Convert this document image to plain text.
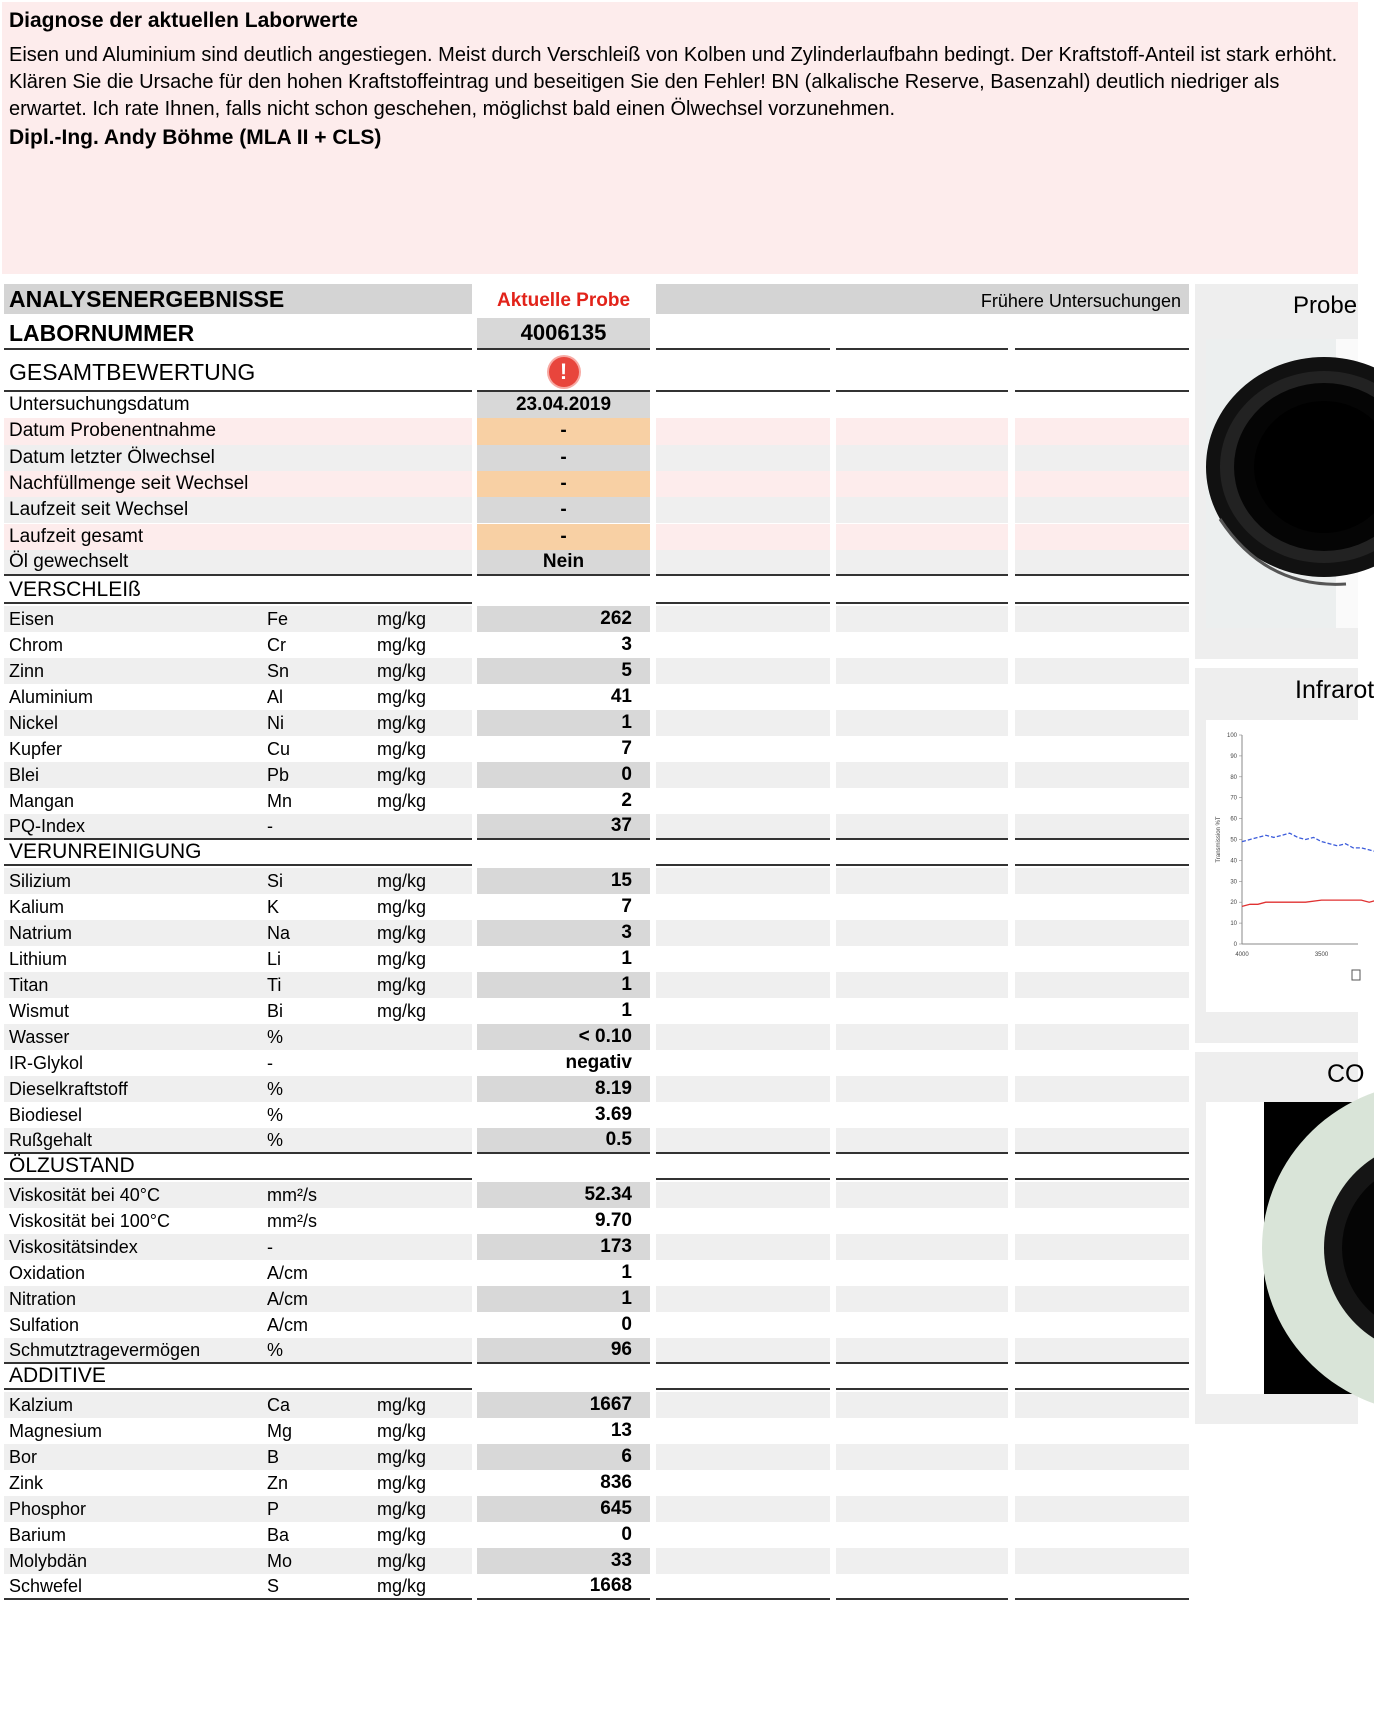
Diagnose der aktuellen Laborwerte
Eisen und Aluminium sind deutlich angestiegen. Meist durch Verschleiß von Kolben und Zylinderlaufbahn bedingt. Der Kraftstoff-Anteil ist stark erhöht. Klären Sie die Ursache für den hohen Kraftstoffeintrag und beseitigen Sie den Fehler! BN (alkalische Reserve, Basenzahl) deutlich niedriger als erwartet. Ich rate Ihnen, falls nicht schon geschehen, möglichst bald einen Ölwechsel vorzunehmen.
Dipl.-Ing. Andy Böhme (MLA II + CLS)
ANALYSENERGEBNISSE	Aktuelle Probe	Frühere Untersuchungen
LABORNUMMER	4006135
GESAMTBEWERTUNG	!
Untersuchungsdatum	23.04.2019
Datum Probenentnahme	-
Datum letzter Ölwechsel	-
Nachfüllmenge seit Wechsel	-
Laufzeit seit Wechsel	-
Laufzeit gesamt	-
Öl gewechselt	Nein
VERSCHLEIß
Eisen	Fe	mg/kg	262
Chrom	Cr	mg/kg	3
Zinn	Sn	mg/kg	5
Aluminium	Al	mg/kg	41
Nickel	Ni	mg/kg	1
Kupfer	Cu	mg/kg	7
Blei	Pb	mg/kg	0
Mangan	Mn	mg/kg	2
PQ-Index	-	37
VERUNREINIGUNG
Silizium	Si	mg/kg	15
Kalium	K	mg/kg	7
Natrium	Na	mg/kg	3
Lithium	Li	mg/kg	1
Titan	Ti	mg/kg	1
Wismut	Bi	mg/kg	1
Wasser	%	< 0.10
IR-Glykol	-	negativ
Dieselkraftstoff	%	8.19
Biodiesel	%	3.69
Rußgehalt	%	0.5
ÖLZUSTAND
Viskosität bei 40°C	mm²/s	52.34
Viskosität bei 100°C	mm²/s	9.70
Viskositätsindex	-	173
Oxidation	A/cm	1
Nitration	A/cm	1
Sulfation	A/cm	0
Schmutztragevermögen	%	96
ADDITIVE
Kalzium	Ca	mg/kg	1667
Magnesium	Mg	mg/kg	13
Bor	B	mg/kg	6
Zink	Zn	mg/kg	836
Phosphor	P	mg/kg	645
Barium	Ba	mg/kg	0
Molybdän	Mo	mg/kg	33
Schwefel	S	mg/kg	1668
Probe
Infrarot
100
90
80
70
60
50
40
30
20
10
0
4000	3500
Transmission %T
CO
